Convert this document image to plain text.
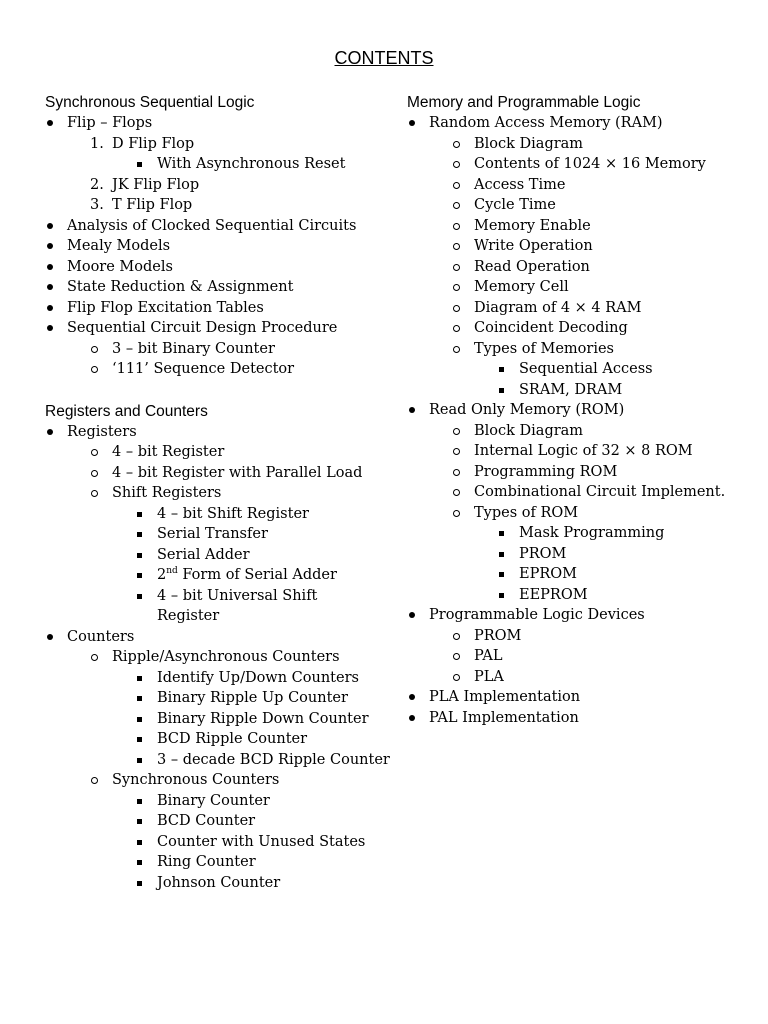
CONTENTS
Synchronous Sequential Logic
Flip – Flops
1. D Flip Flop
With Asynchronous Reset
2. JK Flip Flop
3. T Flip Flop
Analysis of Clocked Sequential Circuits
Mealy Models
Moore Models
State Reduction & Assignment
Flip Flop Excitation Tables
Sequential Circuit Design Procedure
3 – bit Binary Counter
‘111’ Sequence Detector
Registers and Counters
Registers
4 – bit Register
4 – bit Register with Parallel Load
Shift Registers
4 – bit Shift Register
Serial Transfer
Serial Adder
2nd Form of Serial Adder
4 – bit Universal Shift Register
Counters
Ripple/Asynchronous Counters
Identify Up/Down Counters
Binary Ripple Up Counter
Binary Ripple Down Counter
BCD Ripple Counter
3 – decade BCD Ripple Counter
Synchronous Counters
Binary Counter
BCD Counter
Counter with Unused States
Ring Counter
Johnson Counter
Memory and Programmable Logic
Random Access Memory (RAM)
Block Diagram
Contents of 1024 × 16 Memory
Access Time
Cycle Time
Memory Enable
Write Operation
Read Operation
Memory Cell
Diagram of 4 × 4 RAM
Coincident Decoding
Types of Memories
Sequential Access
SRAM, DRAM
Read Only Memory (ROM)
Block Diagram
Internal Logic of 32 × 8 ROM
Programming ROM
Combinational Circuit Implement.
Types of ROM
Mask Programming
PROM
EPROM
EEPROM
Programmable Logic Devices
PROM
PAL
PLA
PLA Implementation
PAL Implementation
